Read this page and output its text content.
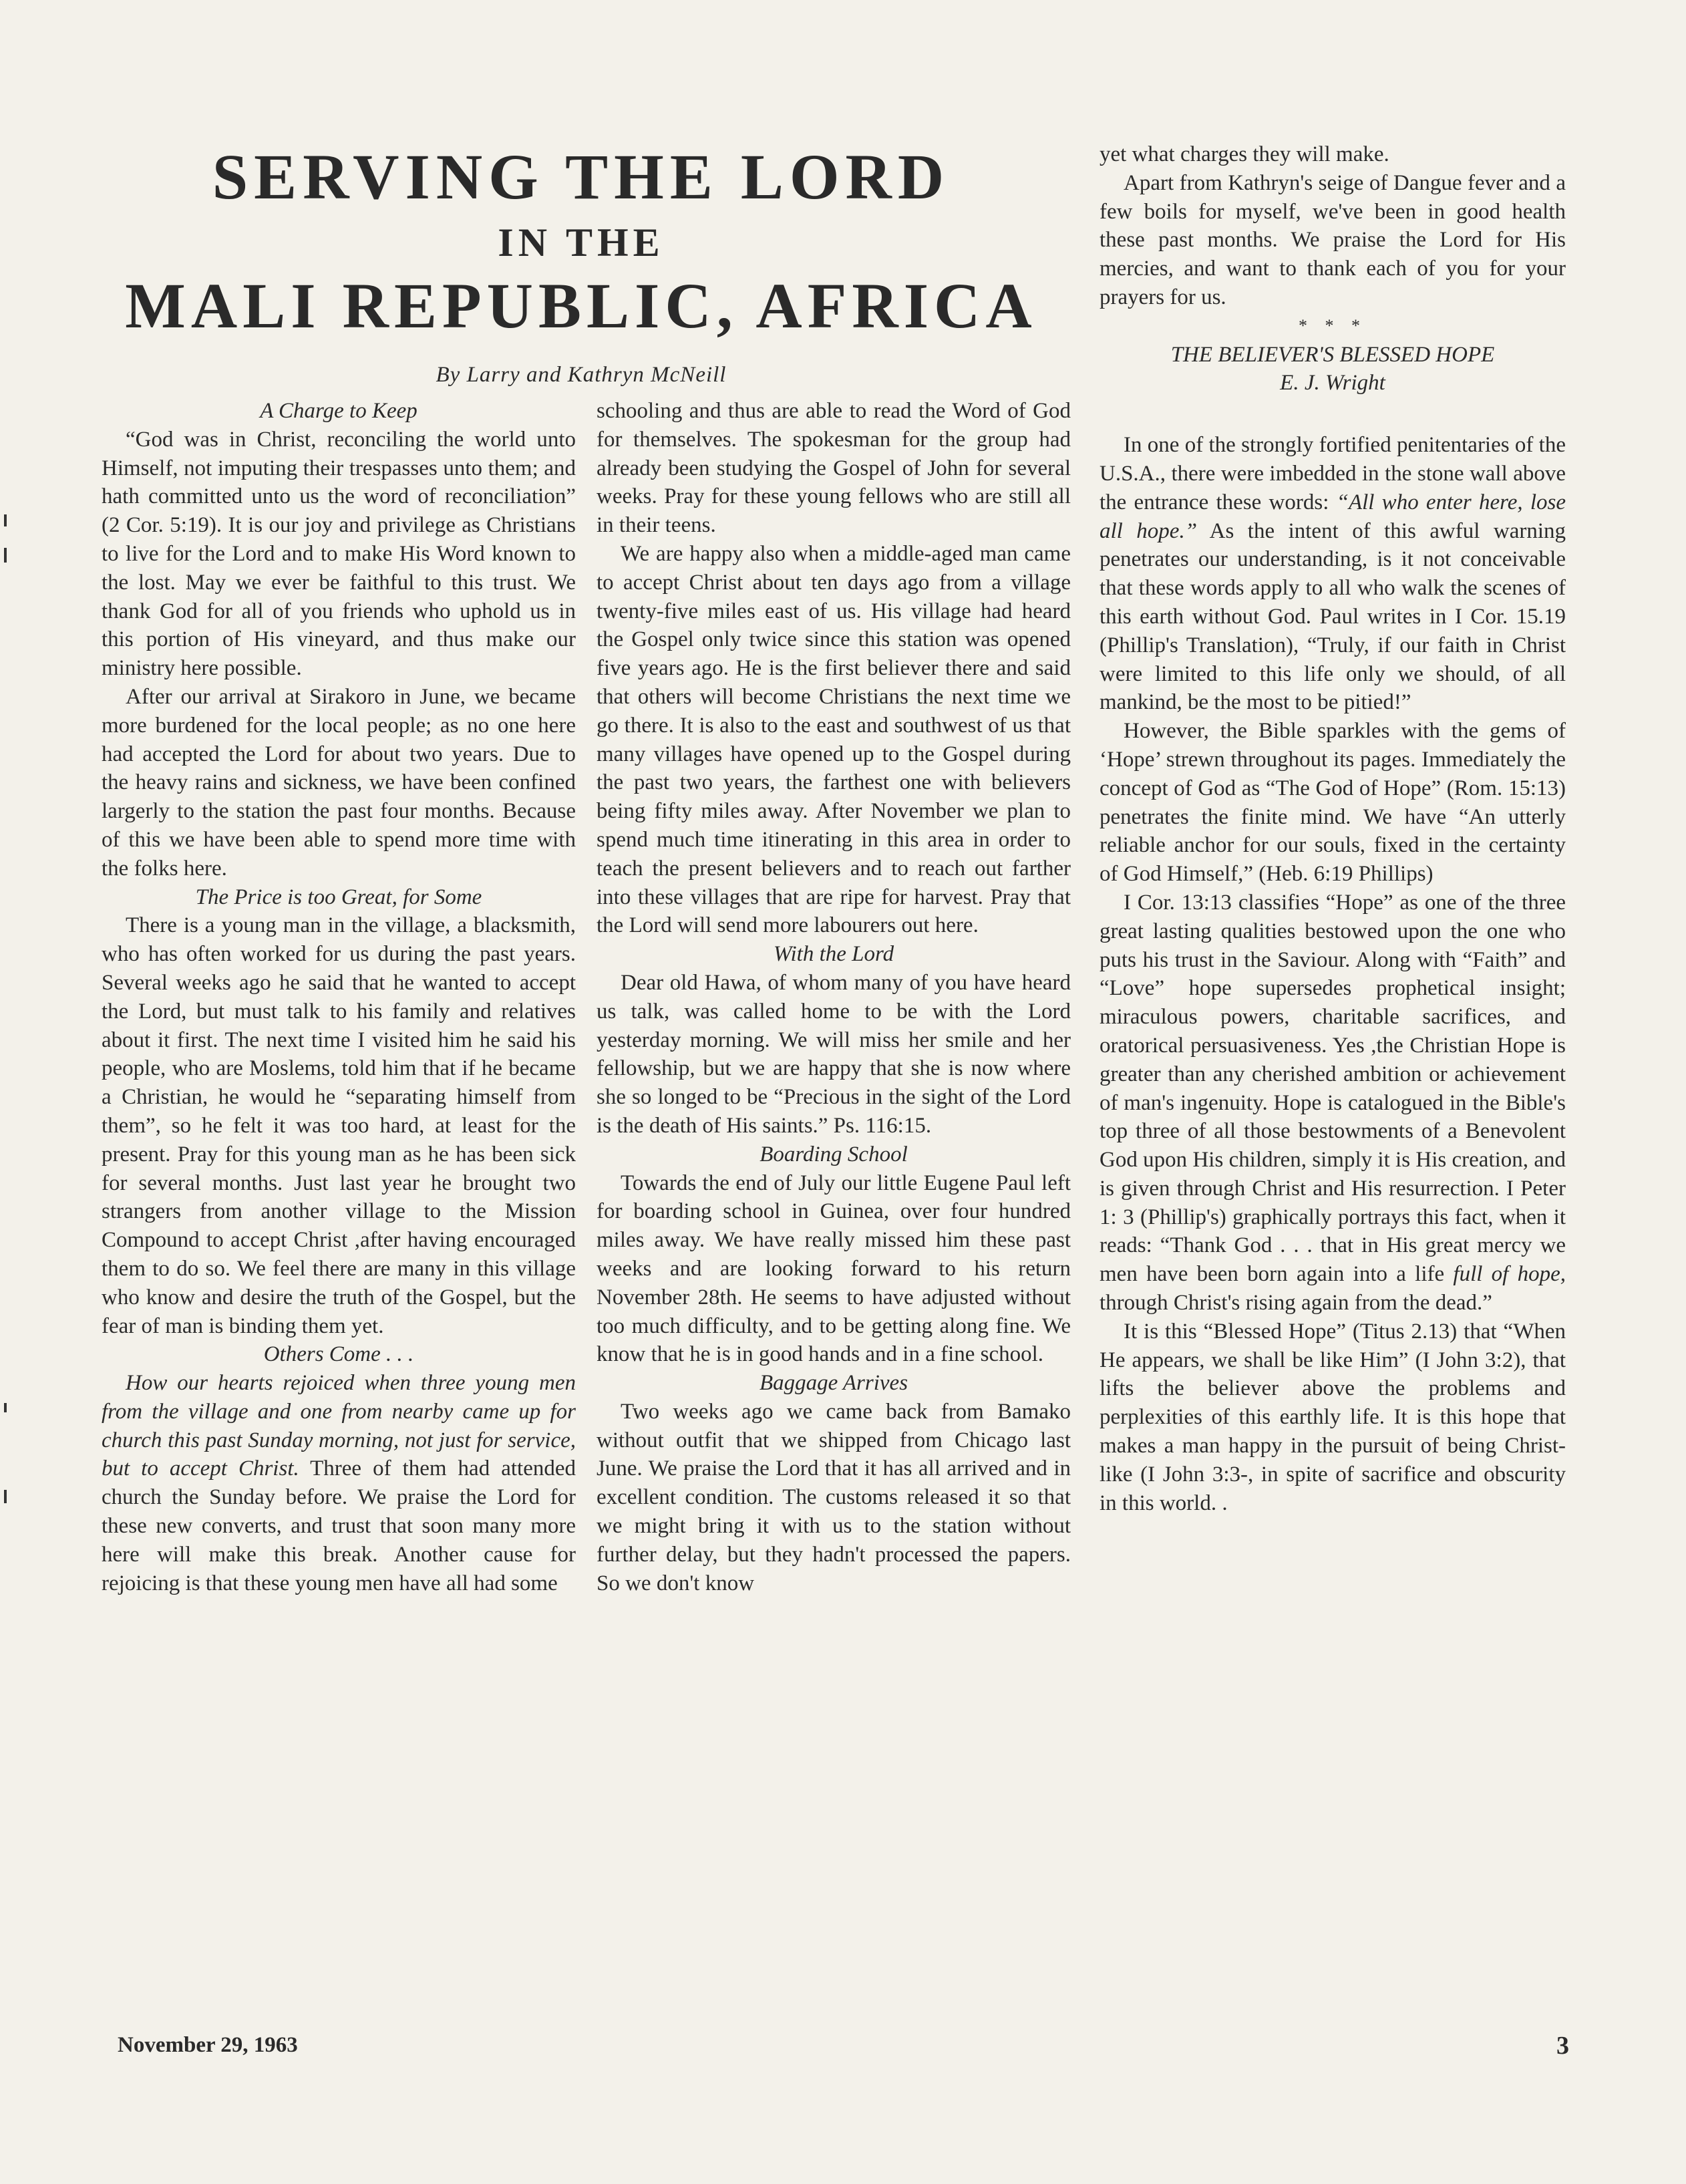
SERVING THE LORD
IN THE
MALI REPUBLIC, AFRICA
By Larry and Kathryn McNeill

A Charge to Keep

“God was in Christ, reconciling the world unto Himself, not imputing their trespasses unto them; and hath committed unto us the word of reconciliation” (2 Cor. 5:19). It is our joy and privilege as Christians to live for the Lord and to make His Word known to the lost. May we ever be faithful to this trust. We thank God for all of you friends who uphold us in this portion of His vineyard, and thus make our ministry here possible.

After our arrival at Sirakoro in June, we became more burdened for the local people; as no one here had accepted the Lord for about two years. Due to the heavy rains and sickness, we have been confined largerly to the station the past four months. Because of this we have been able to spend more time with the folks here.

The Price is too Great, for Some

There is a young man in the village, a blacksmith, who has often worked for us during the past years. Several weeks ago he said that he wanted to accept the Lord, but must talk to his family and relatives about it first. The next time I visited him he said his people, who are Moslems, told him that if he became a Christian, he would he “separating himself from them”, so he felt it was too hard, at least for the present. Pray for this young man as he has been sick for several months. Just last year he brought two strangers from another village to the Mission Compound to accept Christ ,after having encouraged them to do so. We feel there are many in this village who know and desire the truth of the Gospel, but the fear of man is binding them yet.

Others Come . . .

How our hearts rejoiced when three young men from the village and one from nearby came up for church this past Sunday morning, not just for service, but to accept Christ. Three of them had attended church the Sunday before. We praise the Lord for these new converts, and trust that soon many more here will make this break. Another cause for rejoicing is that these young men have all had some

schooling and thus are able to read the Word of God for themselves. The spokesman for the group had already been studying the Gospel of John for several weeks. Pray for these young fellows who are still all in their teens.

We are happy also when a middle-aged man came to accept Christ about ten days ago from a village twenty-five miles east of us. His village had heard the Gospel only twice since this station was opened five years ago. He is the first believer there and said that others will become Christians the next time we go there. It is also to the east and southwest of us that many villages have opened up to the Gospel during the past two years, the farthest one with believers being fifty miles away. After November we plan to spend much time itinerating in this area in order to teach the present believers and to reach out farther into these villages that are ripe for harvest. Pray that the Lord will send more labourers out here.

With the Lord

Dear old Hawa, of whom many of you have heard us talk, was called home to be with the Lord yesterday morning. We will miss her smile and her fellowship, but we are happy that she is now where she so longed to be “Precious in the sight of the Lord is the death of His saints.” Ps. 116:15.

Boarding School

Towards the end of July our little Eugene Paul left for boarding school in Guinea, over four hundred miles away. We have really missed him these past weeks and are looking forward to his return November 28th. He seems to have adjusted without too much difficulty, and to be getting along fine. We know that he is in good hands and in a fine school.

Baggage Arrives

Two weeks ago we came back from Bamako without outfit that we shipped from Chicago last June. We praise the Lord that it has all arrived and in excellent condition. The customs released it so that we might bring it with us to the station without further delay, but they hadn't processed the papers. So we don't know

yet what charges they will make.

Apart from Kathryn's seige of Dangue fever and a few boils for myself, we've been in good health these past months. We praise the Lord for His mercies, and want to thank each of you for your prayers for us.

* * *

THE BELIEVER'S BLESSED HOPE

E. J. Wright

In one of the strongly fortified penitentaries of the U.S.A., there were imbedded in the stone wall above the entrance these words: “All who enter here, lose all hope.” As the intent of this awful warning penetrates our understanding, is it not conceivable that these words apply to all who walk the scenes of this earth without God. Paul writes in I Cor. 15.19 (Phillip's Translation), “Truly, if our faith in Christ were limited to this life only we should, of all mankind, be the most to be pitied!”

However, the Bible sparkles with the gems of ‘Hope’ strewn throughout its pages. Immediately the concept of God as “The God of Hope” (Rom. 15:13) penetrates the finite mind. We have “An utterly reliable anchor for our souls, fixed in the certainty of God Himself,” (Heb. 6:19 Phillips)

I Cor. 13:13 classifies “Hope” as one of the three great lasting qualities bestowed upon the one who puts his trust in the Saviour. Along with “Faith” and “Love” hope supersedes prophetical insight; miraculous powers, charitable sacrifices, and oratorical persuasiveness. Yes ,the Christian Hope is greater than any cherished ambition or achievement of man's ingenuity. Hope is catalogued in the Bible's top three of all those bestowments of a Benevolent God upon His children, simply it is His creation, and is given through Christ and His resurrection. I Peter 1: 3 (Phillip's) graphically portrays this fact, when it reads: “Thank God . . . that in His great mercy we men have been born again into a life full of hope, through Christ's rising again from the dead.”

It is this “Blessed Hope” (Titus 2.13) that “When He appears, we shall be like Him” (I John 3:2), that lifts the believer above the problems and perplexities of this earthly life. It is this hope that makes a man happy in the pursuit of being Christ-like (I John 3:3-, in spite of sacrifice and obscurity in this world. .

November 29, 1963	3
